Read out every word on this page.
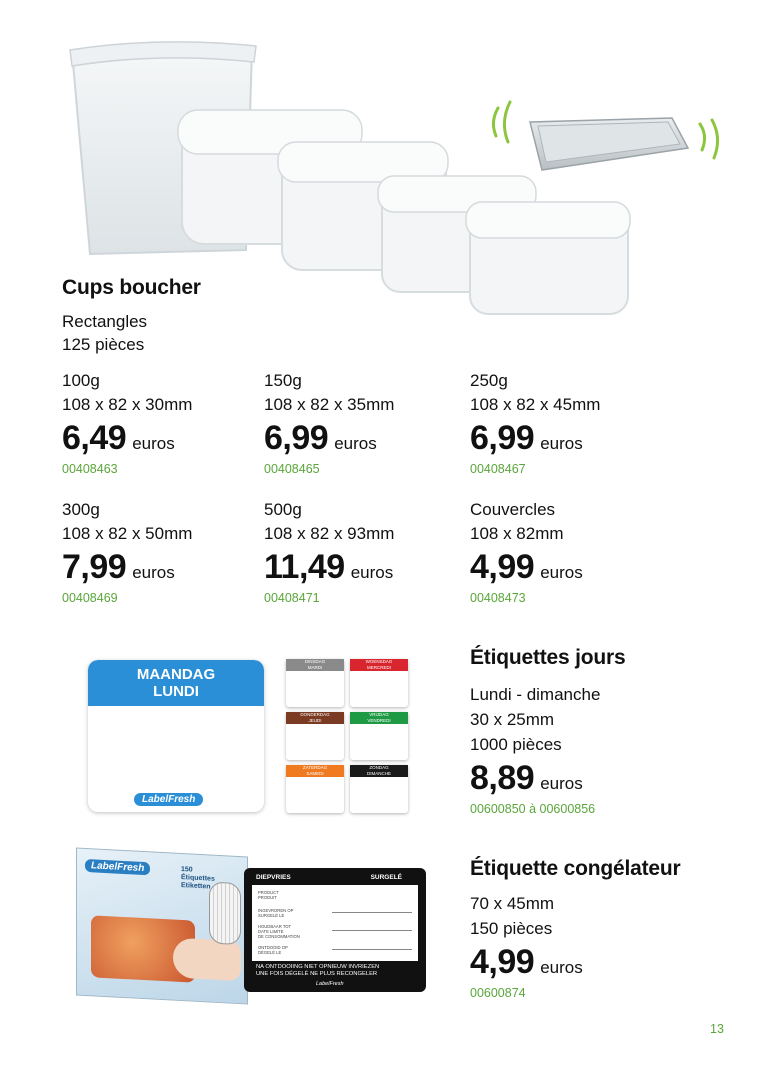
Cups boucher
Rectangles
125 pièces
100g
108 x 82 x 30mm
6,49 euros
00408463
150g
108 x 82 x 35mm
6,99 euros
00408465
250g
108 x 82 x 45mm
6,99 euros
00408467
300g
108 x 82 x 50mm
7,99 euros
00408469
500g
108 x 82 x 93mm
11,49 euros
00408471
Couvercles
108 x 82mm
4,99 euros
00408473
MAANDAG
LUNDI
LabelFresh
DINSDAG
MARDI
WOENSDAG
MERCREDI
DONDERDAG
JEUDI
VRIJDAG
VENDREDI
ZATERDAG
SAMEDI
ZONDAG
DIMANCHE
Étiquettes jours
Lundi - dimanche
30 x 25mm
1000 pièces
8,89 euros
00600850 à 00600856
LabelFresh	150
Étiquettes
Etiketten
DIEPVRIES	SURGELÉ
PRODUCT
PRODUIT
INGEVROREN OP
SURGELÉ LE
HOUDBAAR TOT
DATE LIMITE
DE CONSOMMATION
ONTDOOID OP
DÉGELÉ LE
NA ONTDOOIING NIET OPNIEUW INVRIEZEN
UNE FOIS DÉGELÉ NE PLUS RECONGELER
LabelFresh
Étiquette congélateur
70 x 45mm
150 pièces
4,99 euros
00600874
13
